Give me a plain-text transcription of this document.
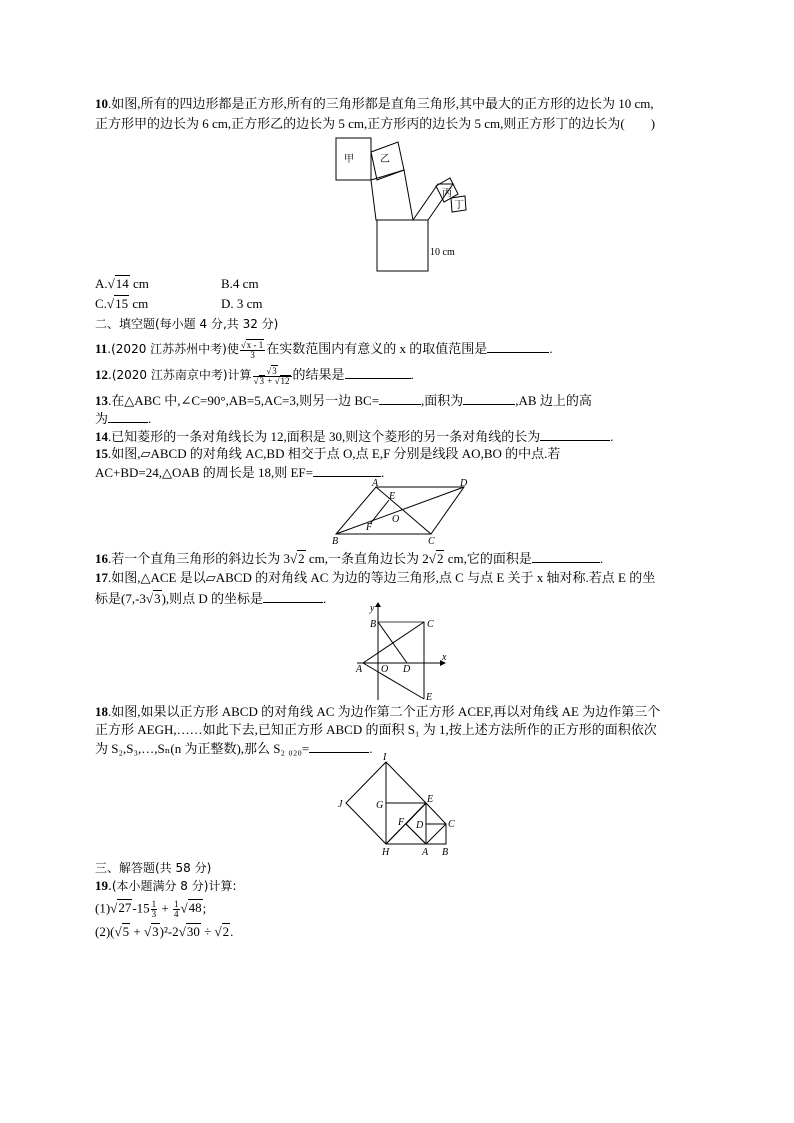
10.如图,所有的四边形都是正方形,所有的三角形都是直角三角形,其中最大的正方形的边长为 10 cm,
正方形甲的边长为 6 cm,正方形乙的边长为 5 cm,正方形丙的边长为 5 cm,则正方形丁的边长为(　　)
甲	乙
丙
丁
10 cm
A.√14 cm	B.4 cm
C.√15 cm	D. 3 cm
二、填空题(每小题 4 分,共 32 分)
11.(2020 江苏苏州中考)使 $\frac{√x - 1}{3}$ 在实数范围内有意义的 x 的取值范围是	.
12.(2020 江苏南京中考)计算 $\frac{√3}{√3 + √12}$ 的结果是	.
13.在△ABC 中,∠C=90°,AB=5,AC=3,则另一边 BC=	,面积为	,AB 边上的高
为	.
14.已知菱形的一条对角线长为 12,面积是 30,则这个菱形的另一条对角线的长为	.
15.如图,▱ABCD 的对角线 AC,BD 相交于点 O,点 E,F 分别是线段 AO,BO 的中点.若
AC+BD=24,△OAB 的周长是 18,则 EF=	.
A	D
B	C
E
F
O
16.若一个直角三角形的斜边长为 3√2 cm,一条直角边长为 2√2 cm,它的面积是	.
17.如图,△ACE 是以▱ABCD 的对角线 AC 为边的等边三角形,点 C 与点 E 关于 x 轴对称.若点 E 的坐
标是(7,-3√3),则点 D 的坐标是	.
y
x
B	C
A O D
E
18.如图,如果以正方形 ABCD 的对角线 AC 为边作第二个正方形 ACEF,再以对角线 AE 为边作第三个
正方形 AEGH,……如此下去,已知正方形 ABCD 的面积 S₁ 为 1,按上述方法所作的正方形的面积依次
为 S₂,S₃,…,Sₙ(n 为正整数),那么 S₂ ₀₂₀=	.
I
J	G
E
F D C
H	A B
三、解答题(共 58 分)
19.(本小题满分 8 分)计算:
$(1)√27-15 \frac{1}{3} + \frac{1}{4} √48$;
(2)(√5 + √3)²-2√30 ÷ √2.
